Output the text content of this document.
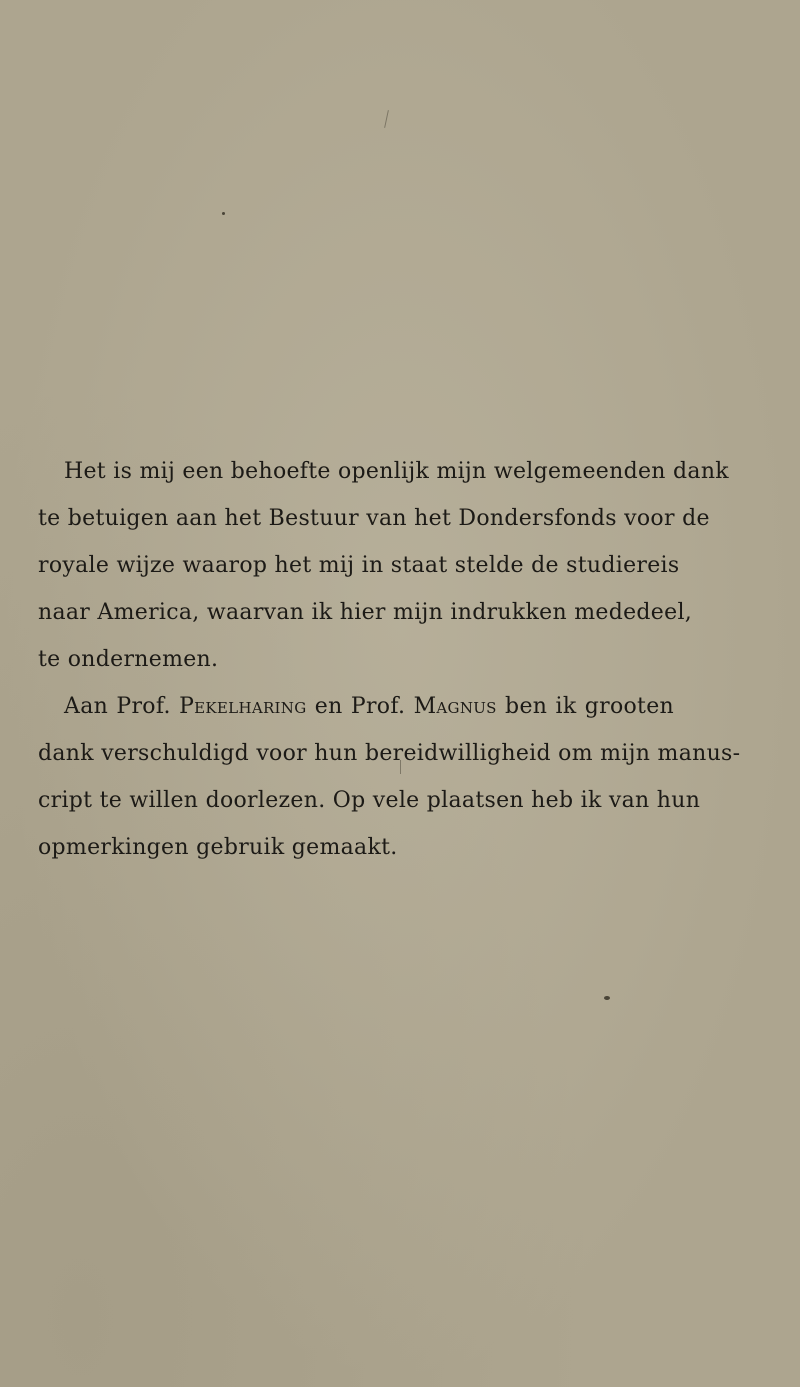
Het is mij een behoefte openlijk mijn welgemeenden dank
te betuigen aan het Bestuur van het Dondersfonds voor de
royale wijze waarop het mij in staat stelde de studiereis
naar America, waarvan ik hier mijn indrukken mededeel,
te ondernemen.

Aan Prof. Pekelharing en Prof. Magnus ben ik grooten
dank verschuldigd voor hun bereidwilligheid om mijn manus-
cript te willen doorlezen. Op vele plaatsen heb ik van hun
opmerkingen gebruik gemaakt.
